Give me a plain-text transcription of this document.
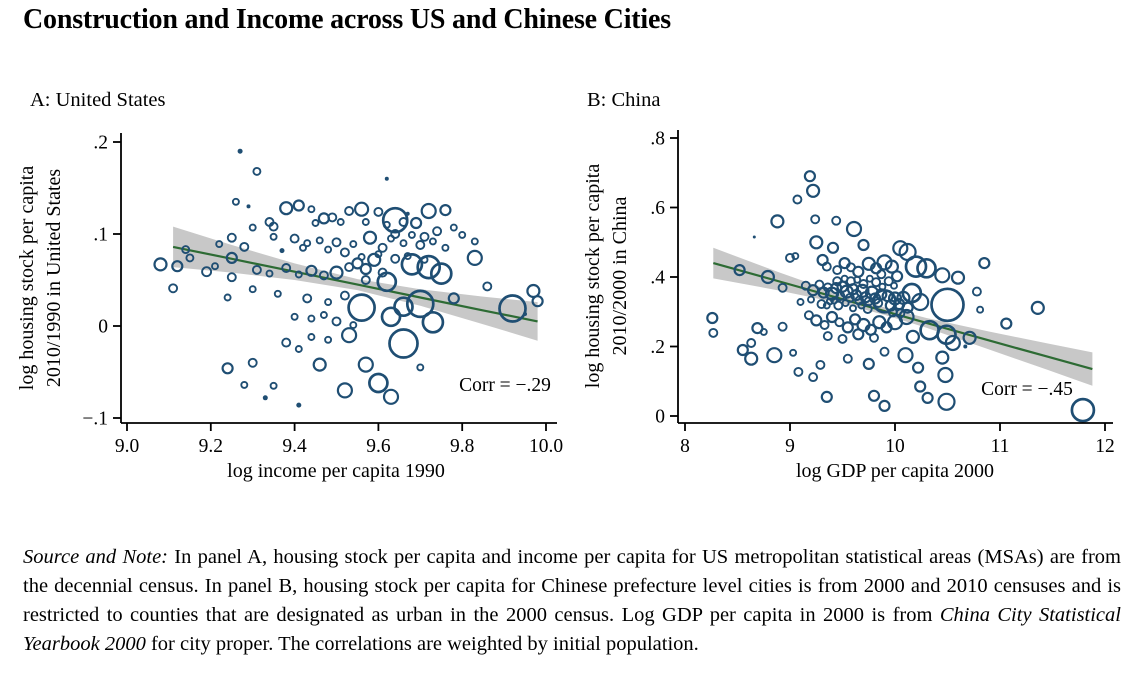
Construction and Income across US and Chinese Cities
9.0	9.2	9.4	9.6	9.8	10.0
.2
.1
0
−.1
A: United States
log income per capita 1990
log housing stock per capita 2010/1990 in United States	Corr = −.29
8	9	10	11	12
.8
.6
.4
.2
0
B: China
log GDP per capita 2000
log housing stock per capita 2010/2000 in China
Corr = −.45

Source and Note: In panel A, housing stock per capita and income per capita for US metropolitan statistical areas (MSAs) are from the decennial census. In panel B, housing stock per capita for Chinese prefecture level cities is from 2000 and 2010 censuses and is restricted to counties that are designated as urban in the 2000 census. Log GDP per capita in 2000 is from China City Statistical Yearbook 2000 for city proper. The correlations are weighted by initial population.
